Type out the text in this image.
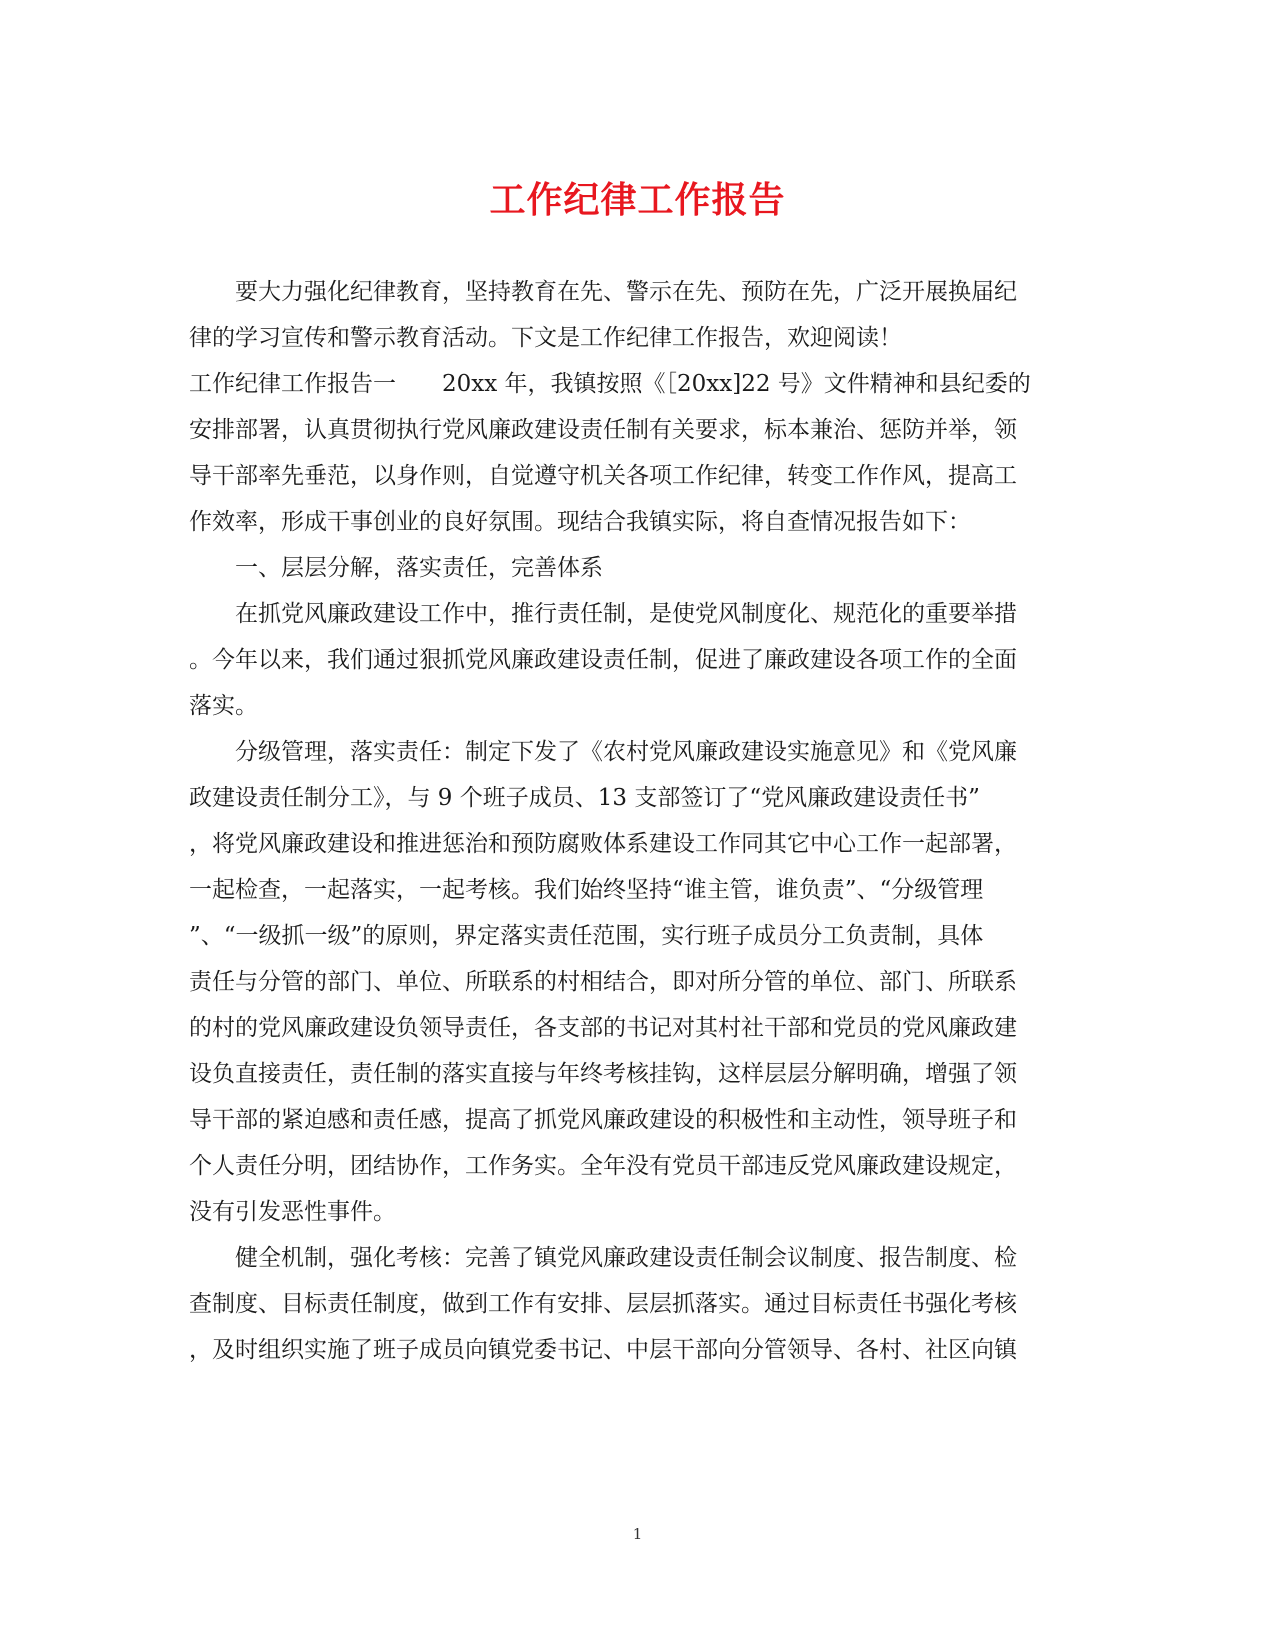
工作纪律工作报告
　　要大力强化纪律教育，坚持教育在先、警示在先、预防在先，广泛开展换届纪
律的学习宣传和警示教育活动。下文是工作纪律工作报告，欢迎阅读！
工作纪律工作报告一　　20xx 年，我镇按照《［20xx]22 号》文件精神和县纪委的
安排部署，认真贯彻执行党风廉政建设责任制有关要求，标本兼治、惩防并举，领
导干部率先垂范，以身作则，自觉遵守机关各项工作纪律，转变工作作风，提高工
作效率，形成干事创业的良好氛围。现结合我镇实际，将自查情况报告如下：
　　一、层层分解，落实责任，完善体系
　　在抓党风廉政建设工作中，推行责任制，是使党风制度化、规范化的重要举措
。今年以来，我们通过狠抓党风廉政建设责任制，促进了廉政建设各项工作的全面
落实。
　　分级管理，落实责任：制定下发了《农村党风廉政建设实施意见》和《党风廉
政建设责任制分工》，与 9 个班子成员、13 支部签订了“党风廉政建设责任书”
，将党风廉政建设和推进惩治和预防腐败体系建设工作同其它中心工作一起部署，
一起检查，一起落实，一起考核。我们始终坚持“谁主管，谁负责”、“分级管理
”、“一级抓一级”的原则，界定落实责任范围，实行班子成员分工负责制，具体
责任与分管的部门、单位、所联系的村相结合，即对所分管的单位、部门、所联系
的村的党风廉政建设负领导责任，各支部的书记对其村社干部和党员的党风廉政建
设负直接责任，责任制的落实直接与年终考核挂钩，这样层层分解明确，增强了领
导干部的紧迫感和责任感，提高了抓党风廉政建设的积极性和主动性，领导班子和
个人责任分明，团结协作，工作务实。全年没有党员干部违反党风廉政建设规定，
没有引发恶性事件。
　　健全机制，强化考核：完善了镇党风廉政建设责任制会议制度、报告制度、检
查制度、目标责任制度，做到工作有安排、层层抓落实。通过目标责任书强化考核
，及时组织实施了班子成员向镇党委书记、中层干部向分管领导、各村、社区向镇
1
